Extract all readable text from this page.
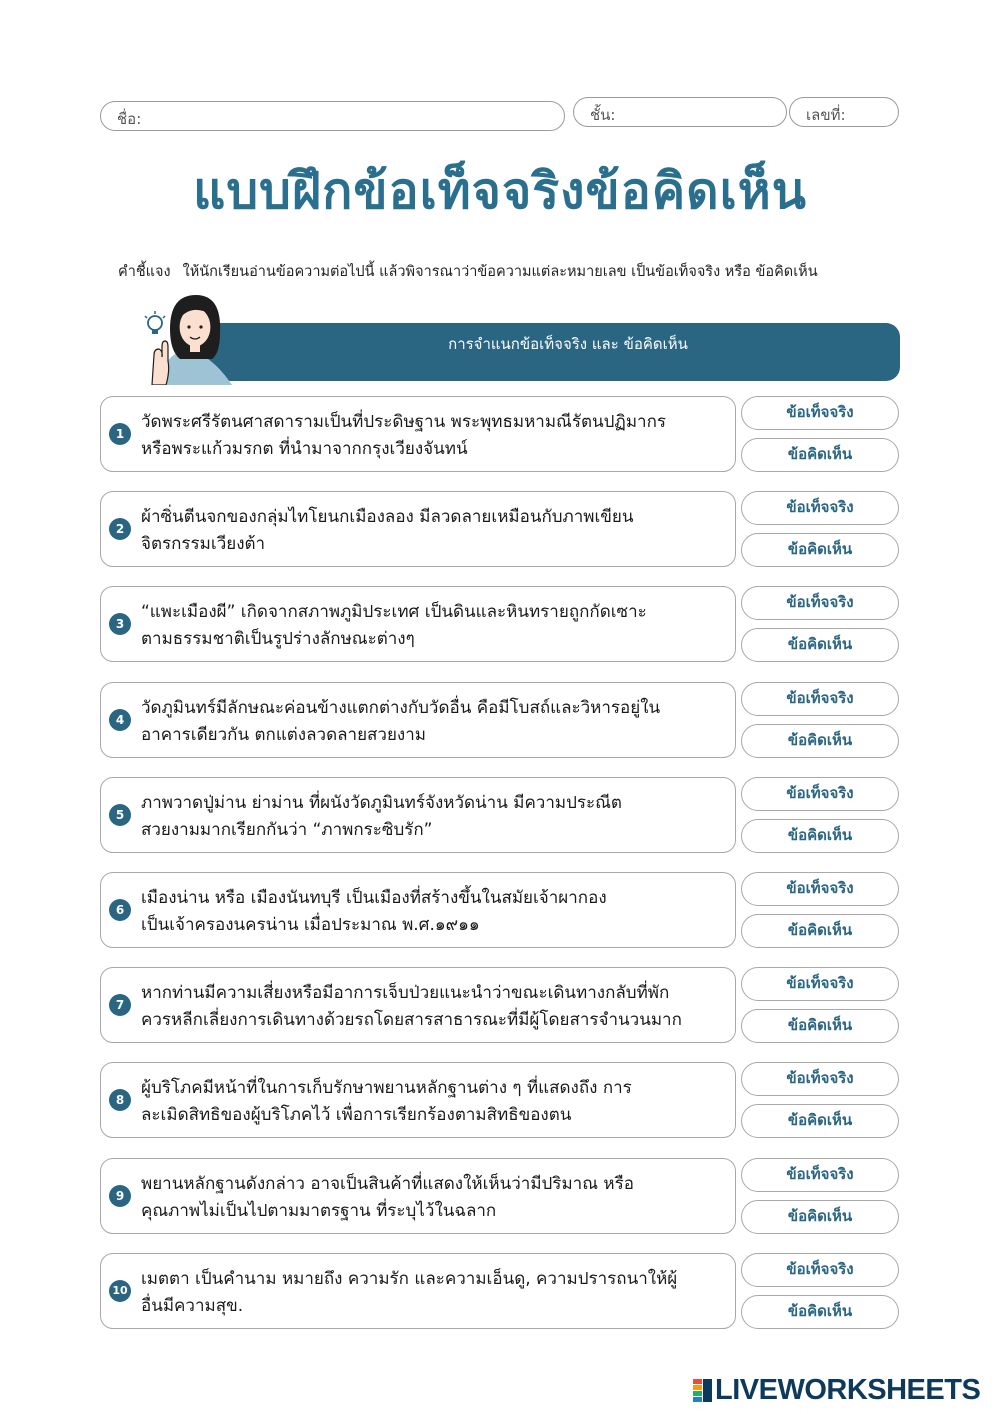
ชื่อ:	ชั้น:	เลขที่:
แบบฝึกข้อเท็จจริงข้อคิดเห็น
คำชี้แจง ให้นักเรียนอ่านข้อความต่อไปนี้ แล้วพิจารณาว่าข้อความแต่ละหมายเลข เป็นข้อเท็จจริง หรือ ข้อคิดเห็น
การจำแนกข้อเท็จจริง และ ข้อคิดเห็น
1
วัดพระศรีรัตนศาสดารามเป็นที่ประดิษฐาน พระพุทธมหามณีรัตนปฏิมากร
หรือพระแก้วมรกต ที่นำมาจากกรุงเวียงจันทน์
ข้อเท็จจริง
ข้อคิดเห็น
2
ผ้าซิ่นตีนจกของกลุ่มไทโยนกเมืองลอง มีลวดลายเหมือนกับภาพเขียน
จิตรกรรมเวียงต้า
ข้อเท็จจริง
ข้อคิดเห็น
3
“แพะเมืองผี” เกิดจากสภาพภูมิประเทศ เป็นดินและหินทรายถูกกัดเซาะ
ตามธรรมชาติเป็นรูปร่างลักษณะต่างๆ
ข้อเท็จจริง
ข้อคิดเห็น
4
วัดภูมินทร์มีลักษณะค่อนข้างแตกต่างกับวัดอื่น คือมีโบสถ์และวิหารอยู่ใน
อาคารเดียวกัน ตกแต่งลวดลายสวยงาม
ข้อเท็จจริง
ข้อคิดเห็น
5
ภาพวาดปู่ม่าน ย่าม่าน ที่ผนังวัดภูมินทร์จังหวัดน่าน มีความประณีต
สวยงามมากเรียกกันว่า “ภาพกระซิบรัก”
ข้อเท็จจริง
ข้อคิดเห็น
6
เมืองน่าน หรือ เมืองนันทบุรี เป็นเมืองที่สร้างขึ้นในสมัยเจ้าผากอง
เป็นเจ้าครองนครน่าน เมื่อประมาณ พ.ศ.๑๙๑๑
ข้อเท็จจริง
ข้อคิดเห็น
7
หากท่านมีความเสี่ยงหรือมีอาการเจ็บป่วยแนะนำว่าขณะเดินทางกลับที่พัก
ควรหลีกเลี่ยงการเดินทางด้วยรถโดยสารสาธารณะที่มีผู้โดยสารจำนวนมาก
ข้อเท็จจริง
ข้อคิดเห็น
8
ผู้บริโภคมีหน้าที่ในการเก็บรักษาพยานหลักฐานต่าง ๆ ที่แสดงถึง การ
ละเมิดสิทธิของผู้บริโภคไว้ เพื่อการเรียกร้องตามสิทธิของตน
ข้อเท็จจริง
ข้อคิดเห็น
9
พยานหลักฐานดังกล่าว อาจเป็นสินค้าที่แสดงให้เห็นว่ามีปริมาณ หรือ
คุณภาพไม่เป็นไปตามมาตรฐาน ที่ระบุไว้ในฉลาก
ข้อเท็จจริง
ข้อคิดเห็น
10
เมตตา เป็นคำนาม หมายถึง ความรัก และความเอ็นดู, ความปรารถนาให้ผู้
อื่นมีความสุข.
ข้อเท็จจริง
ข้อคิดเห็น
LIVEWORKSHEETS
